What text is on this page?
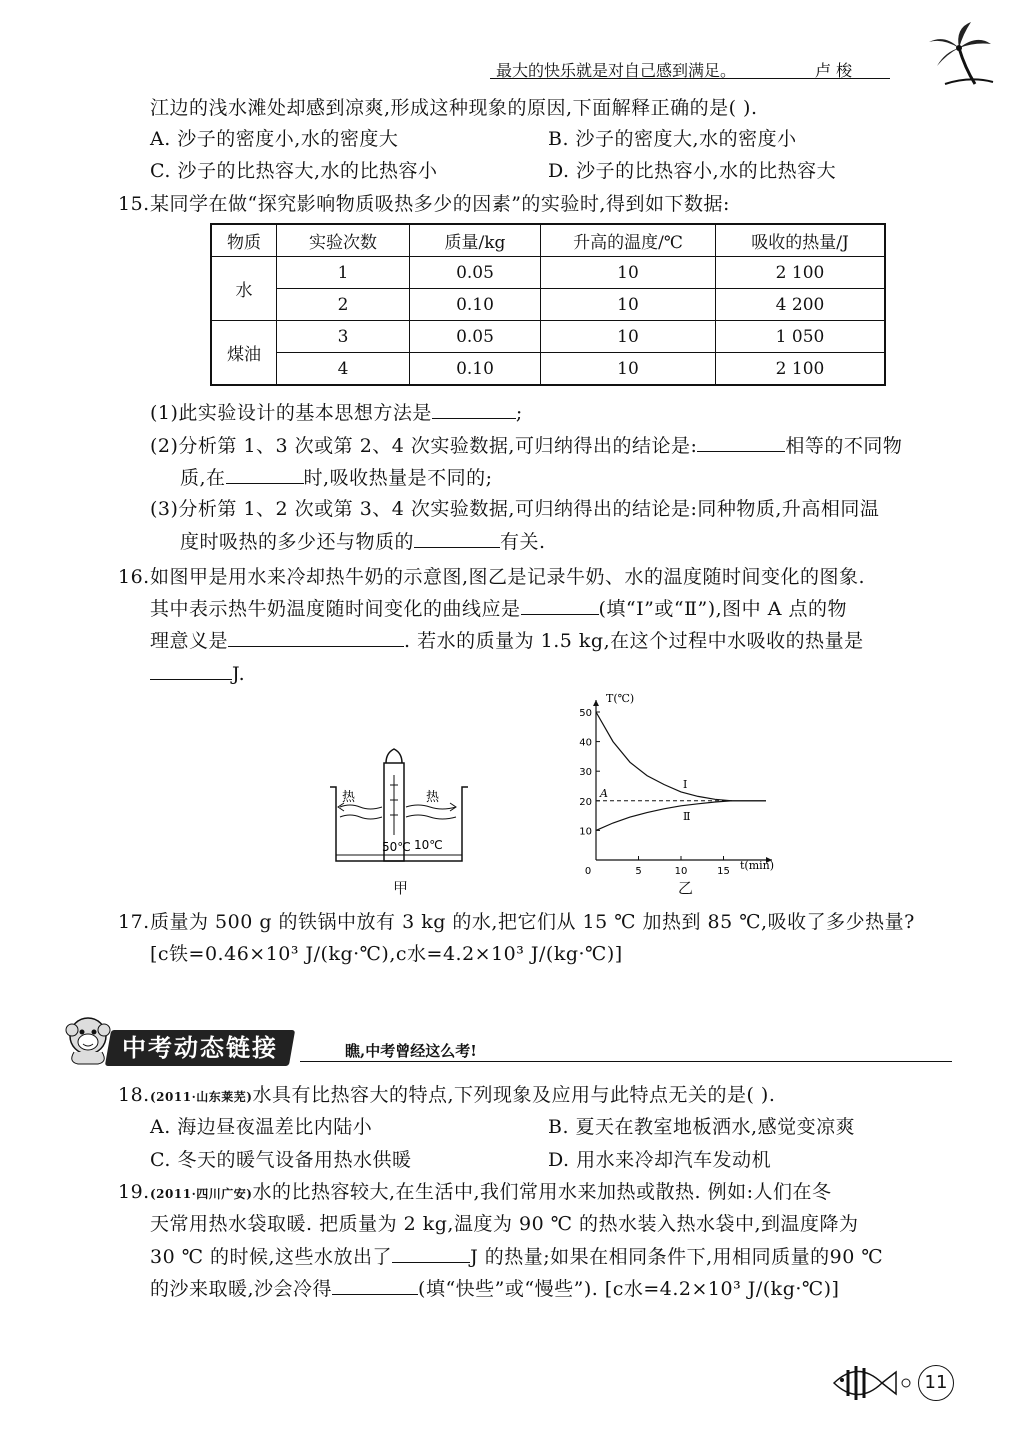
最大的快乐就是对自己感到满足。	卢 梭
江边的浅水滩处却感到凉爽,形成这种现象的原因,下面解释正确的是( ).
A. 沙子的密度小,水的密度大	B. 沙子的密度大,水的密度小
C. 沙子的比热容大,水的比热容小	D. 沙子的比热容小,水的比热容大
15. 某同学在做“探究影响物质吸热多少的因素”的实验时,得到如下数据:
物质	实验次数	质量/kg	升高的温度/℃	吸收的热量/J
水	1	0.05	10	2 100
	2	0.10	10	4 200
煤油	3	0.05	10	1 050
	4	0.10	10	2 100
(1)此实验设计的基本思想方法是	;
(2)分析第 1、3 次或第 2、4 次实验数据,可归纳得出的结论是:	相等的不同物
质,在	时,吸收热量是不同的;
(3)分析第 1、2 次或第 3、4 次实验数据,可归纳得出的结论是:同种物质,升高相同温
度时吸热的多少还与物质的	有关.
16. 如图甲是用水来冷却热牛奶的示意图,图乙是记录牛奶、水的温度随时间变化的图象.
其中表示热牛奶温度随时间变化的曲线应是	(填“Ⅰ”或“Ⅱ”),图中 A 点的物
理意义是	. 若水的质量为 1.5 kg,在这个过程中水吸收的热量是
J.
热	热
50℃ 10℃
甲
10
20
30
40
50
0	5	10	15
A
Ⅰ
Ⅱ
T(℃)
t(min)
乙
17. 质量为 500 g 的铁锅中放有 3 kg 的水,把它们从 15 ℃ 加热到 85 ℃,吸收了多少热量?
[c铁=0.46×10³ J/(kg·℃),c水=4.2×10³ J/(kg·℃)]
中考动态链接	瞧,中考曾经这么考!
18. (2011·山东莱芜)水具有比热容大的特点,下列现象及应用与此特点无关的是( ).
A. 海边昼夜温差比内陆小	B. 夏天在教室地板洒水,感觉变凉爽
C. 冬天的暖气设备用热水供暖	D. 用水来冷却汽车发动机
19. (2011·四川广安)水的比热容较大,在生活中,我们常用水来加热或散热. 例如:人们在冬
天常用热水袋取暖. 把质量为 2 kg,温度为 90 ℃ 的热水装入热水袋中,到温度降为
30 ℃ 的时候,这些水放出了	J 的热量;如果在相同条件下,用相同质量的90 ℃
的沙来取暖,沙会冷得	(填“快些”或“慢些”). [c水=4.2×10³ J/(kg·℃)]
11
